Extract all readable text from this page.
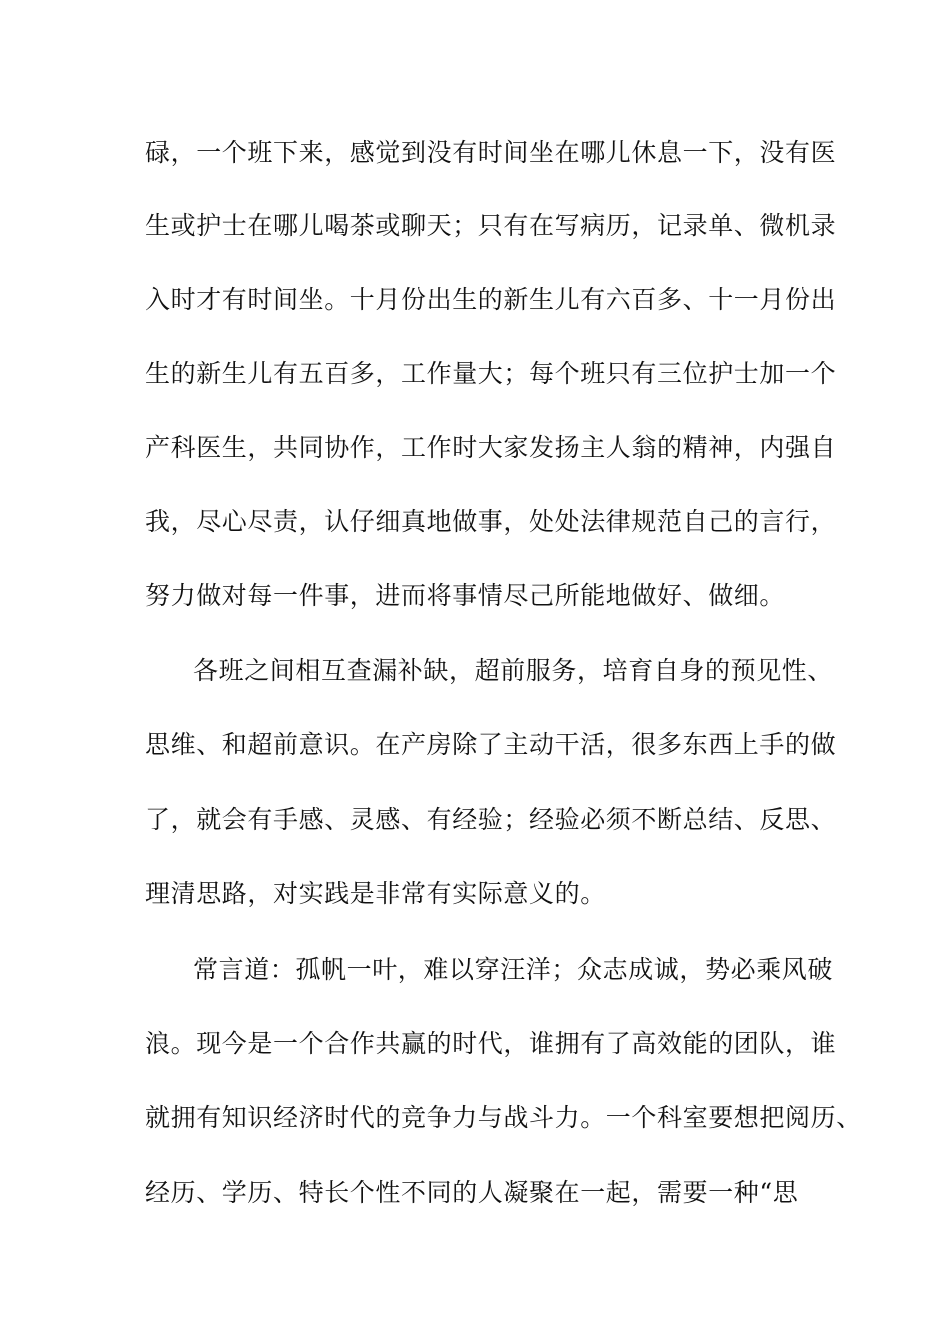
碌，一个班下来，感觉到没有时间坐在哪儿休息一下，没有医
生或护士在哪儿喝茶或聊天；只有在写病历，记录单、微机录
入时才有时间坐。十月份出生的新生儿有六百多、十一月份出
生的新生儿有五百多，工作量大；每个班只有三位护士加一个
产科医生，共同协作，工作时大家发扬主人翁的精神，内强自
我，尽心尽责，认仔细真地做事，处处法律规范自己的言行，
努力做对每一件事，进而将事情尽己所能地做好、做细。
各班之间相互查漏补缺，超前服务，培育自身的预见性、
思维、和超前意识。在产房除了主动干活，很多东西上手的做
了，就会有手感、灵感、有经验；经验必须不断总结、反思、
理清思路，对实践是非常有实际意义的。
常言道：孤帆一叶，难以穿汪洋；众志成诚，势必乘风破
浪。现今是一个合作共赢的时代，谁拥有了高效能的团队，谁
就拥有知识经济时代的竞争力与战斗力。一个科室要想把阅历、
经历、学历、特长个性不同的人凝聚在一起，需要一种“思
